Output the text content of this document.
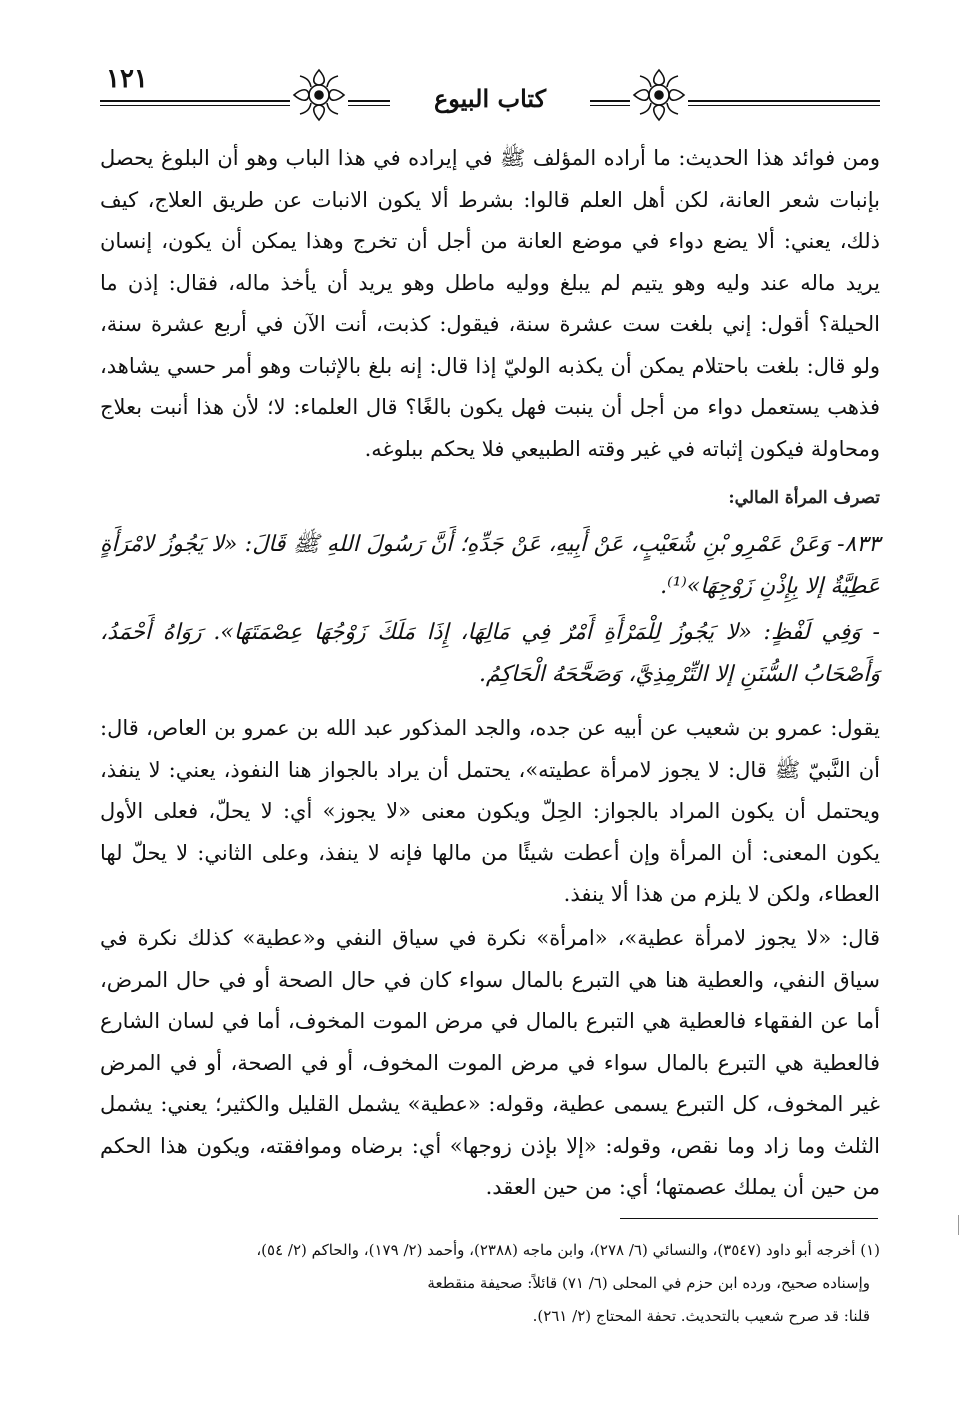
١٢١
كتاب البيوع

ومن فوائد هذا الحديث: ما أراده المؤلف ﷺ في إيراده في هذا الباب وهو أن البلوغ يحصل بإنبات شعر العانة، لكن أهل العلم قالوا: بشرط ألا يكون الانبات عن طريق العلاج، كيف ذلك، يعني: ألا يضع دواء في موضع العانة من أجل أن تخرج وهذا يمكن أن يكون، إنسان يريد ماله عند وليه وهو يتيم لم يبلغ ووليه ماطل وهو يريد أن يأخذ ماله، فقال: إذن ما الحيلة؟ أقول: إني بلغت ست عشرة سنة، فيقول: كذبت، أنت الآن في أربع عشرة سنة، ولو قال: بلغت باحتلام يمكن أن يكذبه الوليّ إذا قال: إنه بلغ بالإثبات وهو أمر حسي يشاهد، فذهب يستعمل دواء من أجل أن ينبت فهل يكون بالغًا؟ قال العلماء: لا؛ لأن هذا أنبت بعلاج ومحاولة فيكون إثباته في غير وقته الطبيعي فلا يحكم ببلوغه.

تصرف المرأة المالي:

٨٣٣- وَعَنْ عَمْرِو بْنِ شُعَيْبٍ، عَنْ أَبِيهِ، عَنْ جَدِّهِ؛ أَنَّ رَسُولَ اللهِ ﷺ قَالَ: «لا يَجُوزُ لامْرَأَةٍ عَطِيَّةٌ إلا بِإِذْنِ زَوْجِهَا»⁽¹⁾.

- وَفِي لَفْظٍ: «لا يَجُوزُ لِلْمَرْأَةِ أَمْرٌ فِي مَالِهَا، إِذَا مَلَكَ زَوْجُهَا عِصْمَتَهَا». رَوَاهُ أَحْمَدُ، وَأَصْحَابُ السُّنَنِ إلا التِّرْمِذِيَّ، وَصَحَّحَهُ الْحَاكِمُ.

يقول: عمرو بن شعيب عن أبيه عن جده، والجد المذكور عبد الله بن عمرو بن العاص، قال: أن النَّبيّ ﷺ قال: لا يجوز لامرأة عطيته»، يحتمل أن يراد بالجواز هنا النفوذ، يعني: لا ينفذ، ويحتمل أن يكون المراد بالجواز: الحِلّ ويكون معنى «لا يجوز» أي: لا يحلّ، فعلى الأول يكون المعنى: أن المرأة وإن أعطت شيئًا من مالها فإنه لا ينفذ، وعلى الثاني: لا يحلّ لها العطاء، ولكن لا يلزم من هذا ألا ينفذ.

قال: «لا يجوز لامرأة عطية»، «امرأة» نكرة في سياق النفي و«عطية» كذلك نكرة في سياق النفي، والعطية هنا هي التبرع بالمال سواء كان في حال الصحة أو في حال المرض، أما عن الفقهاء فالعطية هي التبرع بالمال في مرض الموت المخوف، أما في لسان الشارع فالعطية هي التبرع بالمال سواء في مرض الموت المخوف، أو في الصحة، أو في المرض غير المخوف، كل التبرع يسمى عطية، وقوله: «عطية» يشمل القليل والكثير؛ يعني: يشمل الثلث وما زاد وما نقص، وقوله: «إلا بإذن زوجها» أي: برضاه وموافقته، ويكون هذا الحكم من حين أن يملك عصمتها؛ أي: من حين العقد.

(١) أخرجه أبو داود (٣٥٤٧)، والنسائي (٦/ ٢٧٨)، وابن ماجه (٢٣٨٨)، وأحمد (٢/ ١٧٩)، والحاكم (٢/ ٥٤)،

وإسناده صحيح، ورده ابن حزم في المحلى (٦/ ٧١) قائلاً: صحيفة منقطعة

قلنا: قد صرح شعيب بالتحديث. تحفة المحتاج (٢/ ٢٦١).
